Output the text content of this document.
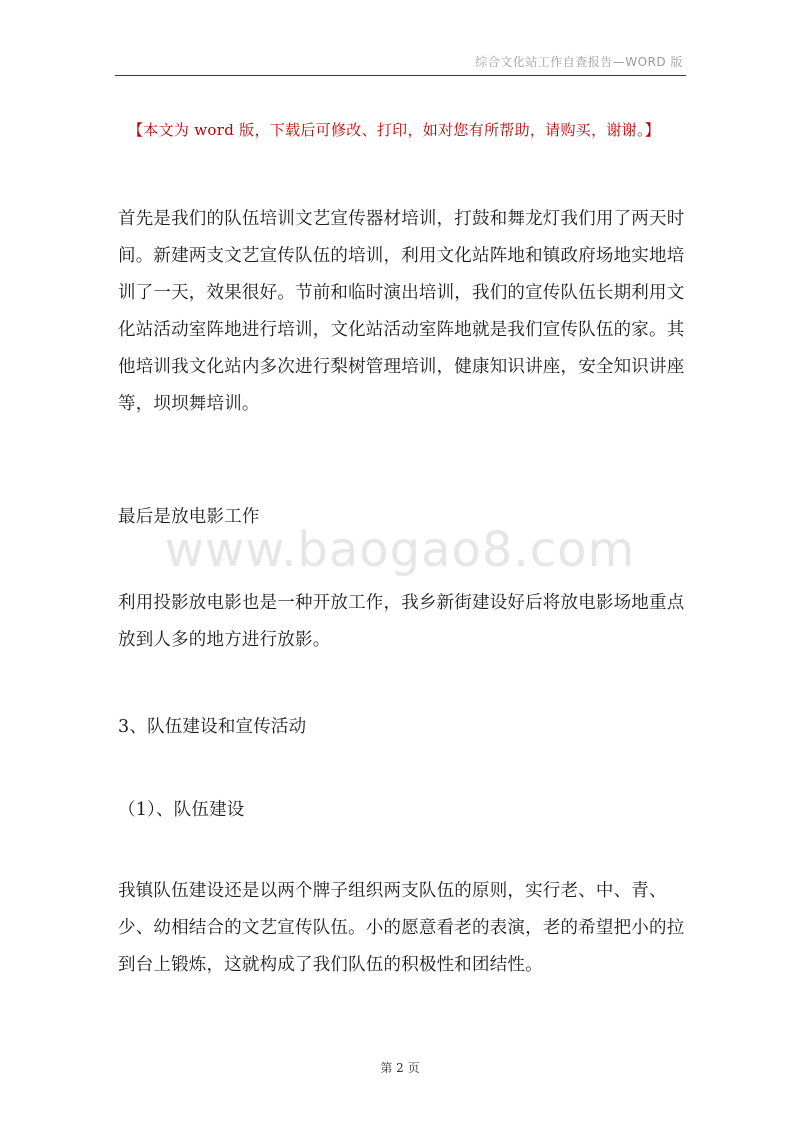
综合文化站工作自查报告—WORD 版
【本文为 word 版，下载后可修改、打印，如对您有所帮助，请购买，谢谢。】

首先是我们的队伍培训文艺宣传器材培训，打鼓和舞龙灯我们用了两天时间。新建两支文艺宣传队伍的培训，利用文化站阵地和镇政府场地实地培训了一天，效果很好。节前和临时演出培训，我们的宣传队伍长期利用文化站活动室阵地进行培训，文化站活动室阵地就是我们宣传队伍的家。其他培训我文化站内多次进行梨树管理培训，健康知识讲座，安全知识讲座等，坝坝舞培训。

最后是放电影工作

www.baogao8.com

利用投影放电影也是一种开放工作，我乡新街建设好后将放电影场地重点放到人多的地方进行放影。

3、队伍建设和宣传活动

（1）、队伍建设

我镇队伍建设还是以两个牌子组织两支队伍的原则，实行老、中、青、少、幼相结合的文艺宣传队伍。小的愿意看老的表演，老的希望把小的拉到台上锻炼，这就构成了我们队伍的积极性和团结性。

第 2 页
